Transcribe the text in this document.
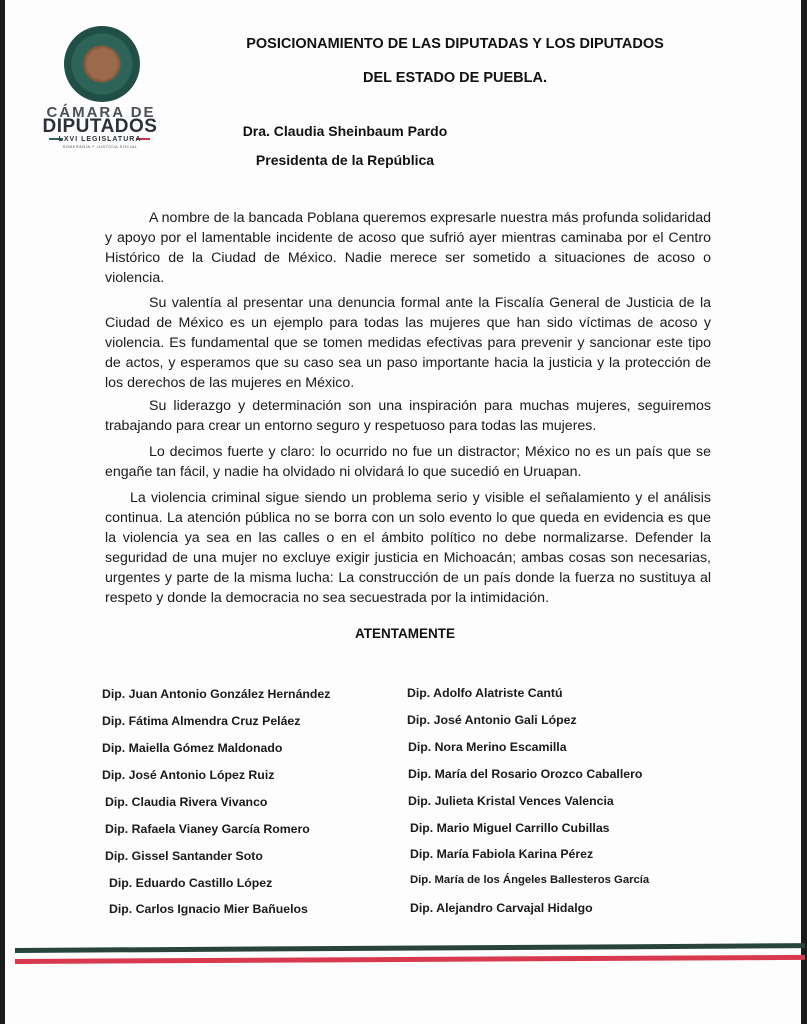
CÁMARA DE
DIPUTADOS
LXVI LEGISLATURA
SOBERANÍA Y JUSTICIA SOCIAL
POSICIONAMIENTO DE LAS DIPUTADAS Y LOS DIPUTADOS
DEL ESTADO DE PUEBLA.
Dra. Claudia Sheinbaum Pardo
Presidenta de la República

A nombre de la bancada Poblana queremos expresarle nuestra más profunda solidaridad y apoyo por el lamentable incidente de acoso que sufrió ayer mientras caminaba por el Centro Histórico de la Ciudad de México. Nadie merece ser sometido a situaciones de acoso o violencia.

Su valentía al presentar una denuncia formal ante la Fiscalía General de Justicia de la Ciudad de México es un ejemplo para todas las mujeres que han sido víctimas de acoso y violencia. Es fundamental que se tomen medidas efectivas para prevenir y sancionar este tipo de actos, y esperamos que su caso sea un paso importante hacia la justicia y la protección de los derechos de las mujeres en México.

Su liderazgo y determinación son una inspiración para muchas mujeres, seguiremos trabajando para crear un entorno seguro y respetuoso para todas las mujeres.

Lo decimos fuerte y claro: lo ocurrido no fue un distractor; México no es un país que se engañe tan fácil, y nadie ha olvidado ni olvidará lo que sucedió en Uruapan.

La violencia criminal sigue siendo un problema serio y visible el señalamiento y el análisis continua. La atención pública no se borra con un solo evento lo que queda en evidencia es que la violencia ya sea en las calles o en el ámbito político no debe normalizarse. Defender la seguridad de una mujer no excluye exigir justicia en Michoacán; ambas cosas son necesarias, urgentes y parte de la misma lucha: La construcción de un país donde la fuerza no sustituya al respeto y donde la democracia no sea secuestrada por la intimidación.

ATENTAMENTE
Dip. Juan Antonio González Hernández
Dip. Fátima Almendra Cruz Peláez
Dip. Maiella Gómez Maldonado
Dip. José Antonio López Ruiz
Dip. Claudia Rivera Vivanco
Dip. Rafaela Vianey García Romero
Dip. Gissel Santander Soto
Dip. Eduardo Castillo López
Dip. Carlos Ignacio Mier Bañuelos
Dip. Adolfo Alatriste Cantú
Dip. José Antonio Gali López
Dip. Nora Merino Escamilla
Dip. María del Rosario Orozco Caballero
Dip. Julieta Kristal Vences Valencia
Dip. Mario Miguel Carrillo Cubillas
Dip. María Fabiola Karina Pérez
Dip. María de los Ángeles Ballesteros García
Dip. Alejandro Carvajal Hidalgo
